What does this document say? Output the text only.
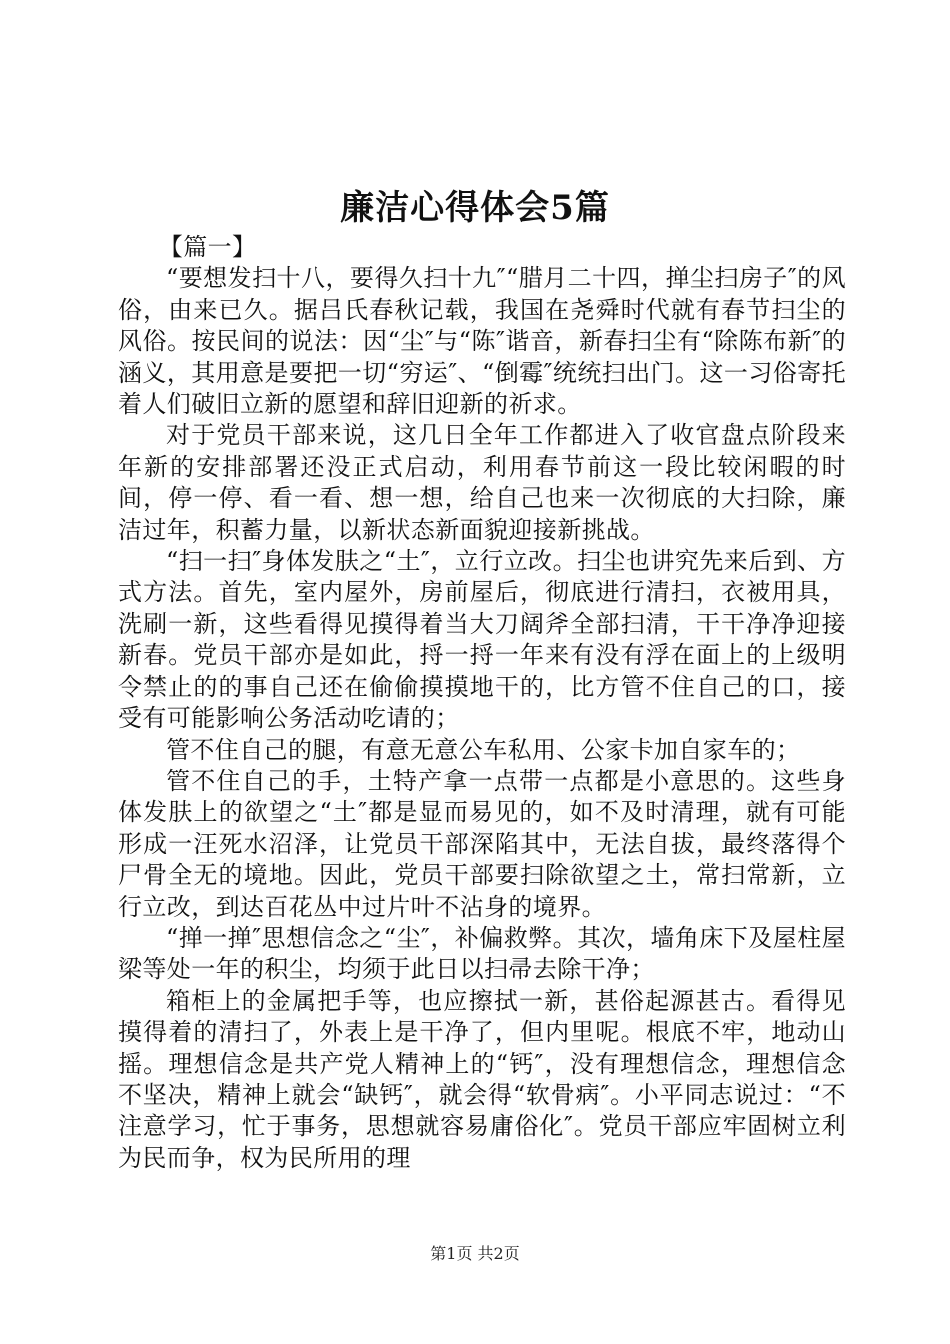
廉洁心得体会5篇

【篇一】

“要想发扫十八，要得久扫十九″“腊月二十四，掸尘扫房子″的风俗，由来已久。据吕氏春秋记载，我国在尧舜时代就有春节扫尘的风俗。按民间的说法：因“尘″与“陈″谐音，新春扫尘有“除陈布新″的涵义，其用意是要把一切“穷运″、“倒霉″统统扫出门。这一习俗寄托着人们破旧立新的愿望和辞旧迎新的祈求。

对于党员干部来说，这几日全年工作都进入了收官盘点阶段来年新的安排部署还没正式启动，利用春节前这一段比较闲暇的时间，停一停、看一看、想一想，给自己也来一次彻底的大扫除，廉洁过年，积蓄力量，以新状态新面貌迎接新挑战。

“扫一扫″身体发肤之“土″，立行立改。扫尘也讲究先来后到、方式方法。首先，室内屋外，房前屋后，彻底进行清扫，衣被用具，洗刷一新，这些看得见摸得着当大刀阔斧全部扫清，干干净净迎接新春。党员干部亦是如此，捋一捋一年来有没有浮在面上的上级明令禁止的的事自己还在偷偷摸摸地干的，比方管不住自己的口，接受有可能影响公务活动吃请的；

管不住自己的腿，有意无意公车私用、公家卡加自家车的；

管不住自己的手，土特产拿一点带一点都是小意思的。这些身体发肤上的欲望之“土″都是显而易见的，如不及时清理，就有可能形成一汪死水沼泽，让党员干部深陷其中，无法自拔，最终落得个尸骨全无的境地。因此，党员干部要扫除欲望之土，常扫常新，立行立改，到达百花丛中过片叶不沾身的境界。

“掸一掸″思想信念之“尘″，补偏救弊。其次，墙角床下及屋柱屋梁等处一年的积尘，均须于此日以扫帚去除干净；

箱柜上的金属把手等，也应擦拭一新，甚俗起源甚古。看得见摸得着的清扫了，外表上是干净了，但内里呢。根底不牢，地动山摇。理想信念是共产党人精神上的“钙″，没有理想信念，理想信念不坚决，精神上就会“缺钙″，就会得“软骨病″。小平同志说过：“不注意学习，忙于事务，思想就容易庸俗化″。党员干部应牢固树立利为民而争，权为民所用的理

第1页 共2页
